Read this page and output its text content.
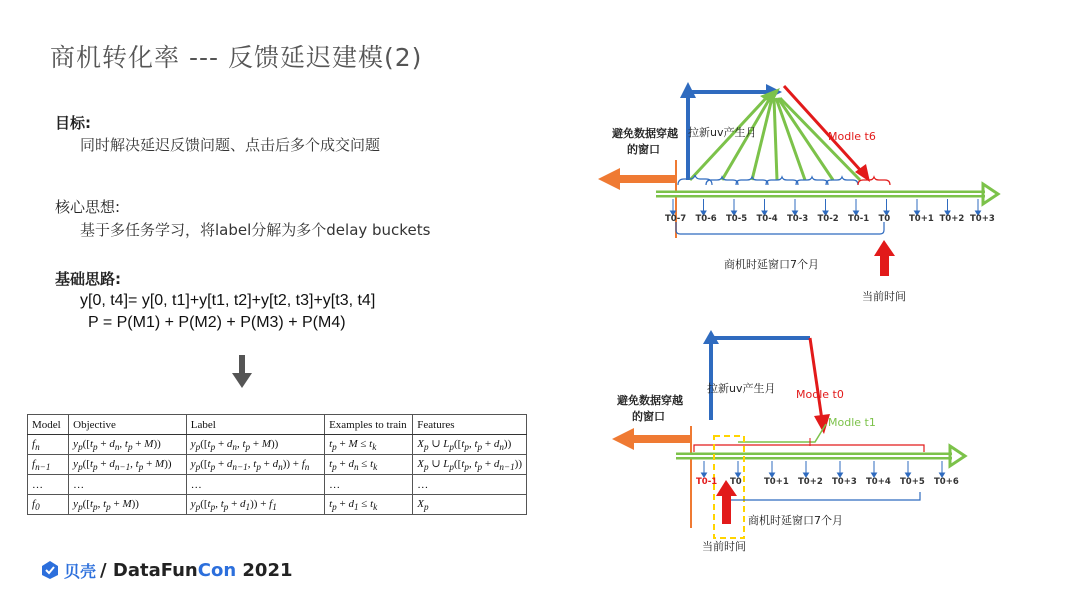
商机转化率 --- 反馈延迟建模(2)
目标:
同时解决延迟反馈问题、点击后多个成交问题
核心思想:
基于多任务学习，将label分解为多个delay buckets
基础思路:
y[0, t4]= y[0, t1]+y[t1, t2]+y[t2, t3]+y[t3, t4]
P = P(M1) + P(M2) + P(M3) + P(M4)
Model	Objective	Label	Examples to train	Features
$f_n$	$y_p([t_p + d_n$, $t_p + M$))	$y_p([t_p + d_n$, $t_p + M$))	$t_p + M \le t_k$	$X_p$ ∪ $L_p([t_p$, $t_p + d_n$))
$f_{n-1}$	$y_p([t_p + d_{n-1}$, $t_p + M$))	$y_p([t_p + d_{n-1}$, $t_p + d_n)) + f_n$	$t_p + d_n \le t_k$	$X_p$ ∪ $L_p([t_p$, $t_p + d_{n-1}$))
…	…	…	…	…
$f_0$	$y_p([t_p$, $t_p + M$))	$y_p([t_p$, $t_p + d_1)) + f_1$	$t_p + d_1 \le t_k$	$X_p$
Modle t6
拉新uv产生月
避免数据穿越
的窗口
T0-7 T0-6 T0-5 T0-4 T0-3 T0-2 T0-1 T0 T0+1 T0+2 T0+3
商机时延窗口7个月
当前时间
拉新uv产生月 Modle t0
Modle t1
避免数据穿越
的窗口
T0-1 T0	T0+1 T0+2 T0+3 T0+4 T0+5 T0+6
商机时延窗口7个月
当前时间
贝壳 / DataFunCon 2021
